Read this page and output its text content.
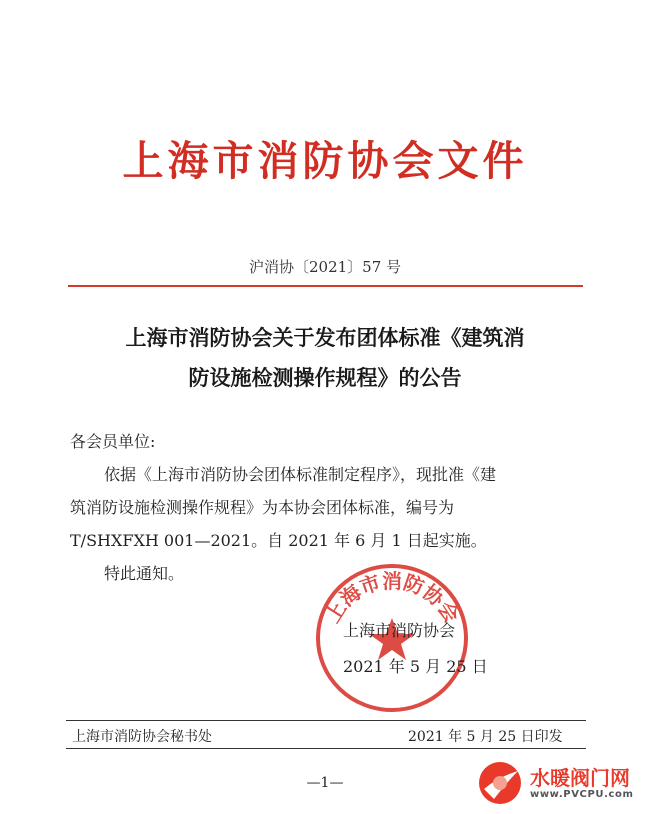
上海市消防协会文件
沪消协〔2021〕57 号
上海市消防协会关于发布团体标准《建筑消
防设施检测操作规程》的公告
各会员单位:
依据《上海市消防协会团体标准制定程序》，现批准《建
筑消防设施检测操作规程》为本协会团体标准，编号为
T/SHXFXH 001—2021。自 2021 年 6 月 1 日起实施。
特此通知。
上海市消防协会
上海市消防协会
2021 年 5 月 25 日
上海市消防协会秘书处	2021 年 5 月 25 日印发
—1—	水暖阀门网
www.PVCPU.com
